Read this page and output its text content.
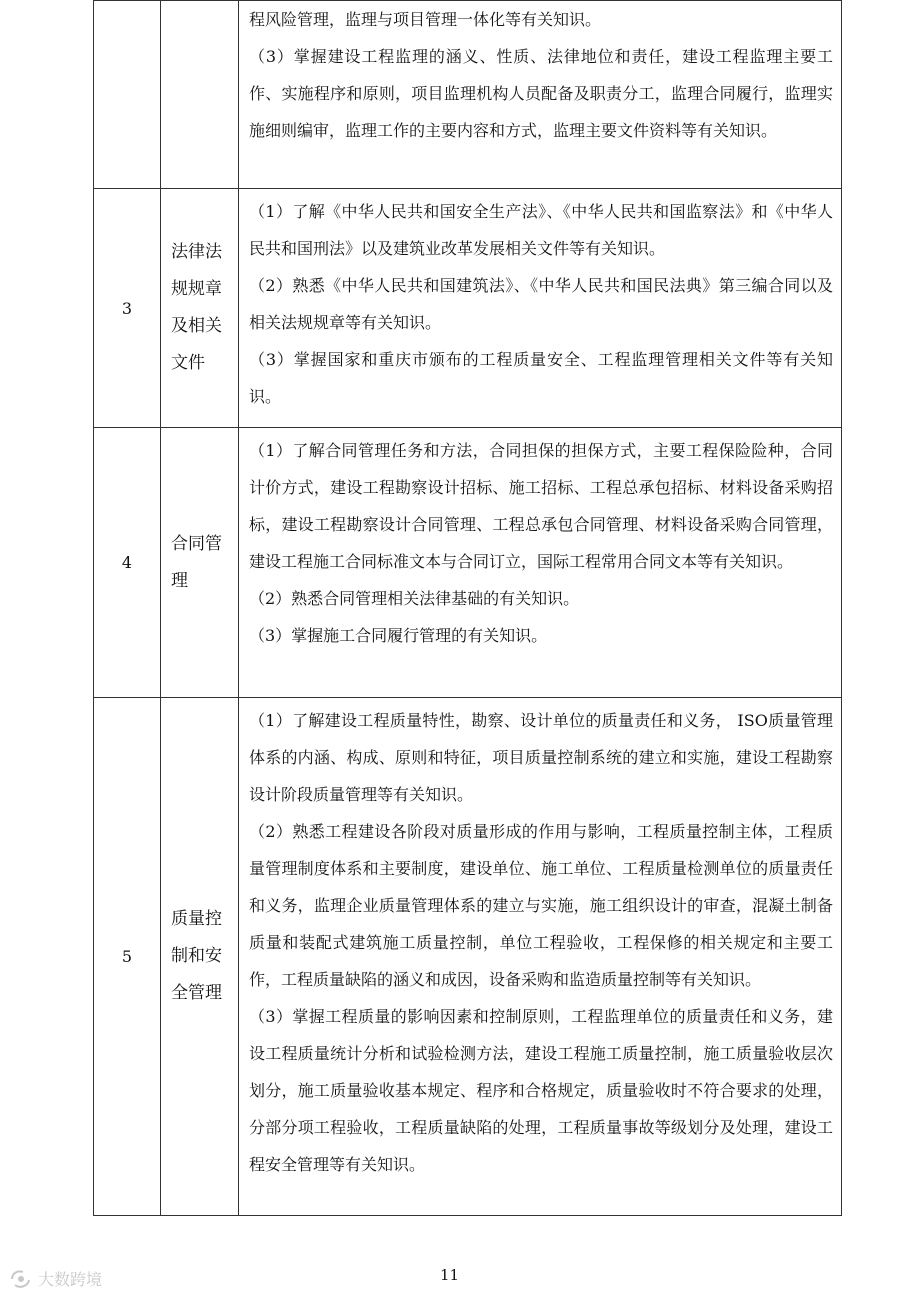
		程风险管理，监理与项目管理一体化等有关知识。

（3）掌握建设工程监理的涵义、性质、法律地位和责任，建设工程监理主要工作、实施程序和原则，项目监理机构人员配备及职责分工，监理合同履行，监理实施细则编审，监理工作的主要内容和方式，监理主要文件资料等有关知识。

3	法律法规规章及相关文件	（1）了解《中华人民共和国安全生产法》、《中华人民共和国监察法》和《中华人民共和国刑法》以及建筑业改革发展相关文件等有关知识。

（2）熟悉《中华人民共和国建筑法》、《中华人民共和国民法典》第三编合同以及相关法规规章等有关知识。

（3）掌握国家和重庆市颁布的工程质量安全、工程监理管理相关文件等有关知识。

4	合同管理	（1）了解合同管理任务和方法，合同担保的担保方式，主要工程保险险种，合同计价方式，建设工程勘察设计招标、施工招标、工程总承包招标、材料设备采购招标，建设工程勘察设计合同管理、工程总承包合同管理、材料设备采购合同管理，建设工程施工合同标准文本与合同订立，国际工程常用合同文本等有关知识。

（2）熟悉合同管理相关法律基础的有关知识。

（3）掌握施工合同履行管理的有关知识。

5	质量控制和安全管理	（1）了解建设工程质量特性，勘察、设计单位的质量责任和义务， ISO质量管理体系的内涵、构成、原则和特征，项目质量控制系统的建立和实施，建设工程勘察设计阶段质量管理等有关知识。

（2）熟悉工程建设各阶段对质量形成的作用与影响，工程质量控制主体，工程质量管理制度体系和主要制度，建设单位、施工单位、工程质量检测单位的质量责任和义务，监理企业质量管理体系的建立与实施，施工组织设计的审查，混凝土制备质量和装配式建筑施工质量控制，单位工程验收，工程保修的相关规定和主要工作，工程质量缺陷的涵义和成因，设备采购和监造质量控制等有关知识。

（3）掌握工程质量的影响因素和控制原则，工程监理单位的质量责任和义务，建设工程质量统计分析和试验检测方法，建设工程施工质量控制，施工质量验收层次划分，施工质量验收基本规定、程序和合格规定，质量验收时不符合要求的处理，分部分项工程验收，工程质量缺陷的处理，工程质量事故等级划分及处理，建设工程安全管理等有关知识。

大数跨境	11
